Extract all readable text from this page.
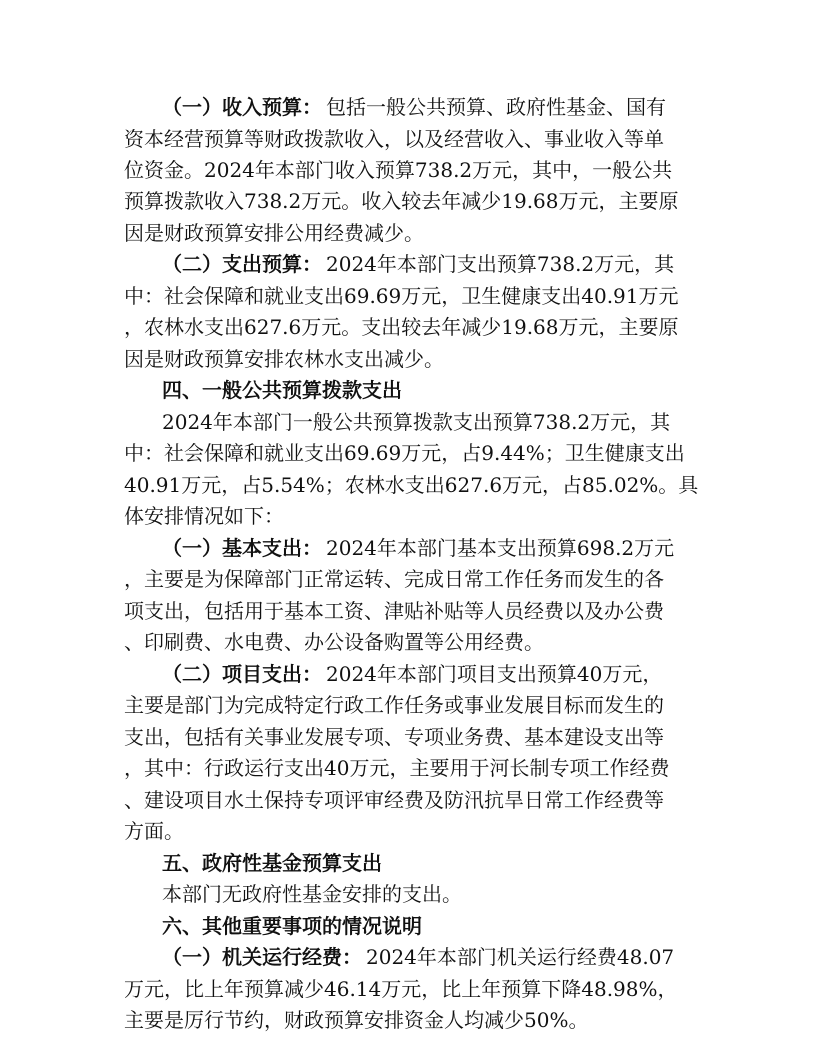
（一）收入预算： 包括一般公共预算、政府性基金、国有
资本经营预算等财政拨款收入，以及经营收入、事业收入等单
位资金。2024年本部门收入预算738.2万元，其中，一般公共
预算拨款收入738.2万元。收入较去年减少19.68万元，主要原
因是财政预算安排公用经费减少。
（二）支出预算： 2024年本部门支出预算738.2万元，其
中：社会保障和就业支出69.69万元，卫生健康支出40.91万元
，农林水支出627.6万元。支出较去年减少19.68万元，主要原
因是财政预算安排农林水支出减少。
四、一般公共预算拨款支出
2024年本部门一般公共预算拨款支出预算738.2万元，其
中：社会保障和就业支出69.69万元，占9.44%；卫生健康支出
40.91万元，占5.54%；农林水支出627.6万元，占85.02%。具
体安排情况如下：
（一）基本支出： 2024年本部门基本支出预算698.2万元
，主要是为保障部门正常运转、完成日常工作任务而发生的各
项支出，包括用于基本工资、津贴补贴等人员经费以及办公费
、印刷费、水电费、办公设备购置等公用经费。
（二）项目支出： 2024年本部门项目支出预算40万元，
主要是部门为完成特定行政工作任务或事业发展目标而发生的
支出，包括有关事业发展专项、专项业务费、基本建设支出等
，其中：行政运行支出40万元，主要用于河长制专项工作经费
、建设项目水土保持专项评审经费及防汛抗旱日常工作经费等
方面。
五、政府性基金预算支出
本部门无政府性基金安排的支出。
六、其他重要事项的情况说明
（一）机关运行经费： 2024年本部门机关运行经费48.07
万元，比上年预算减少46.14万元，比上年预算下降48.98%，
主要是厉行节约，财政预算安排资金人均减少50%。
